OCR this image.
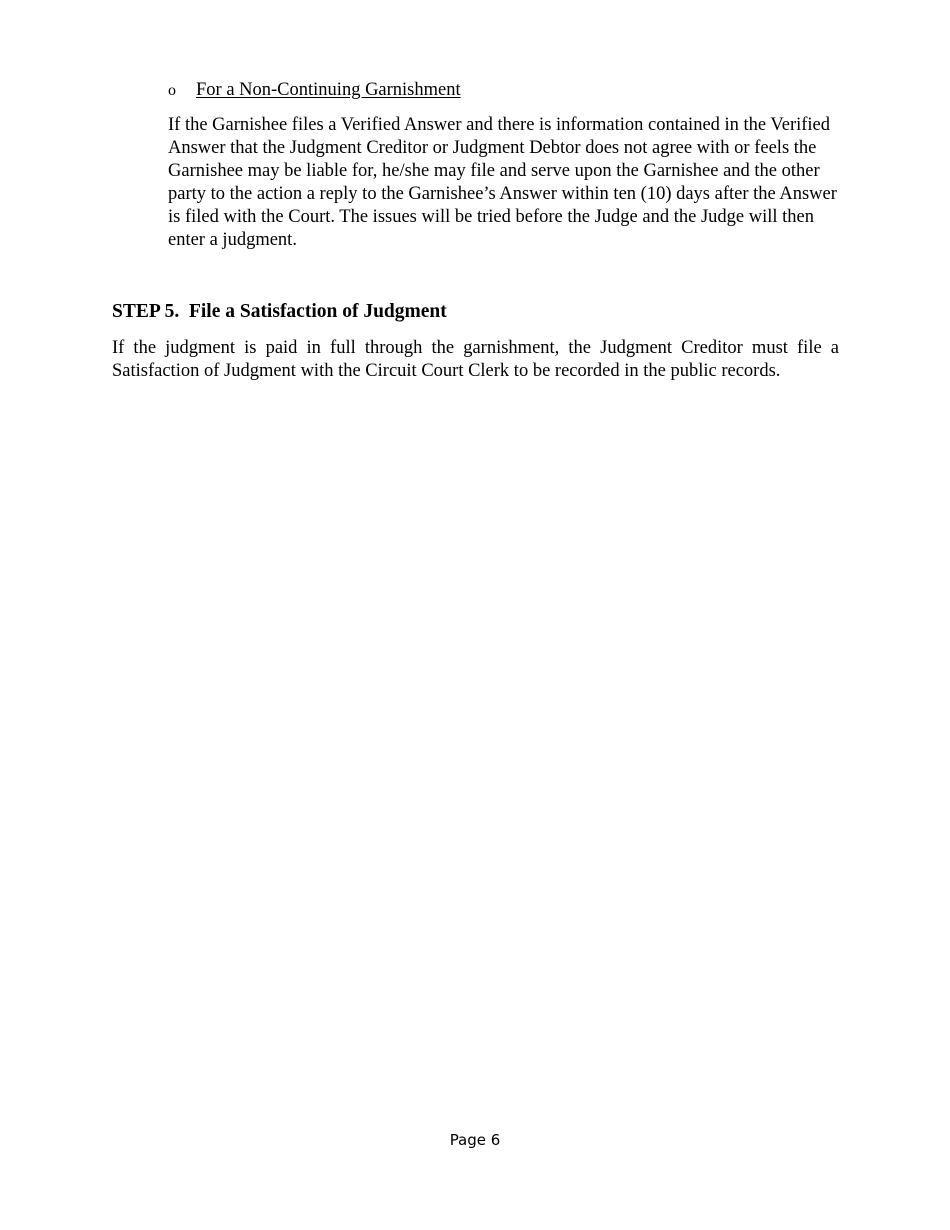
o For a Non-Continuing Garnishment

If the Garnishee files a Verified Answer and there is information contained in the Verified Answer that the Judgment Creditor or Judgment Debtor does not agree with or feels the Garnishee may be liable for, he/she may file and serve upon the Garnishee and the other party to the action a reply to the Garnishee’s Answer within ten (10) days after the Answer is filed with the Court. The issues will be tried before the Judge and the Judge will then enter a judgment.

STEP 5.  File a Satisfaction of Judgment

If the judgment is paid in full through the garnishment, the Judgment Creditor must file a Satisfaction of Judgment with the Circuit Court Clerk to be recorded in the public records.

Page 6
